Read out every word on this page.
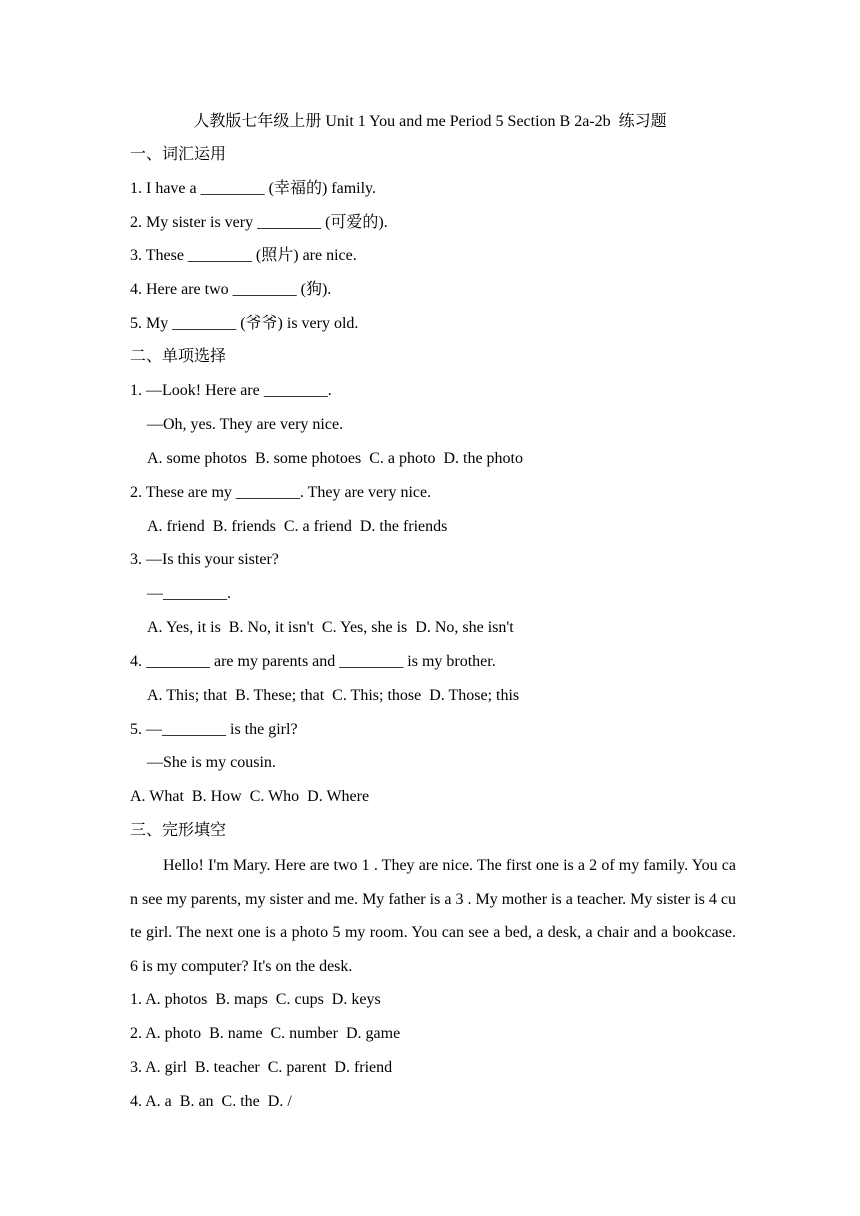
人教版七年级上册 Unit 1 You and me Period 5 Section B 2a-2b  练习题
一、词汇运用
1. I have a ________ (幸福的) family.
2. My sister is very ________ (可爱的).
3. These ________ (照片) are nice.
4. Here are two ________ (狗).
5. My ________ (爷爷) is very old.
二、单项选择
1. —Look! Here are ________.
—Oh, yes. They are very nice.
A. some photos  B. some photoes  C. a photo  D. the photo
2. These are my ________. They are very nice.
A. friend  B. friends  C. a friend  D. the friends
3. —Is this your sister?
—________.
A. Yes, it is  B. No, it isn't  C. Yes, she is  D. No, she isn't
4. ________ are my parents and ________ is my brother.
A. This; that  B. These; that  C. This; those  D. Those; this
5. —________ is the girl?
—She is my cousin.
A. What  B. How  C. Who  D. Where
三、完形填空
Hello! I'm Mary. Here are two 1 . They are nice. The first one is a 2 of my family. You can see my parents, my sister and me. My father is a 3 . My mother is a teacher. My sister is 4 cute girl. The next one is a photo 5 my room. You can see a bed, a desk, a chair and a bookcase. 6 is my computer? It's on the desk.
1. A. photos  B. maps  C. cups  D. keys
2. A. photo  B. name  C. number  D. game
3. A. girl  B. teacher  C. parent  D. friend
4. A. a  B. an  C. the  D. /
